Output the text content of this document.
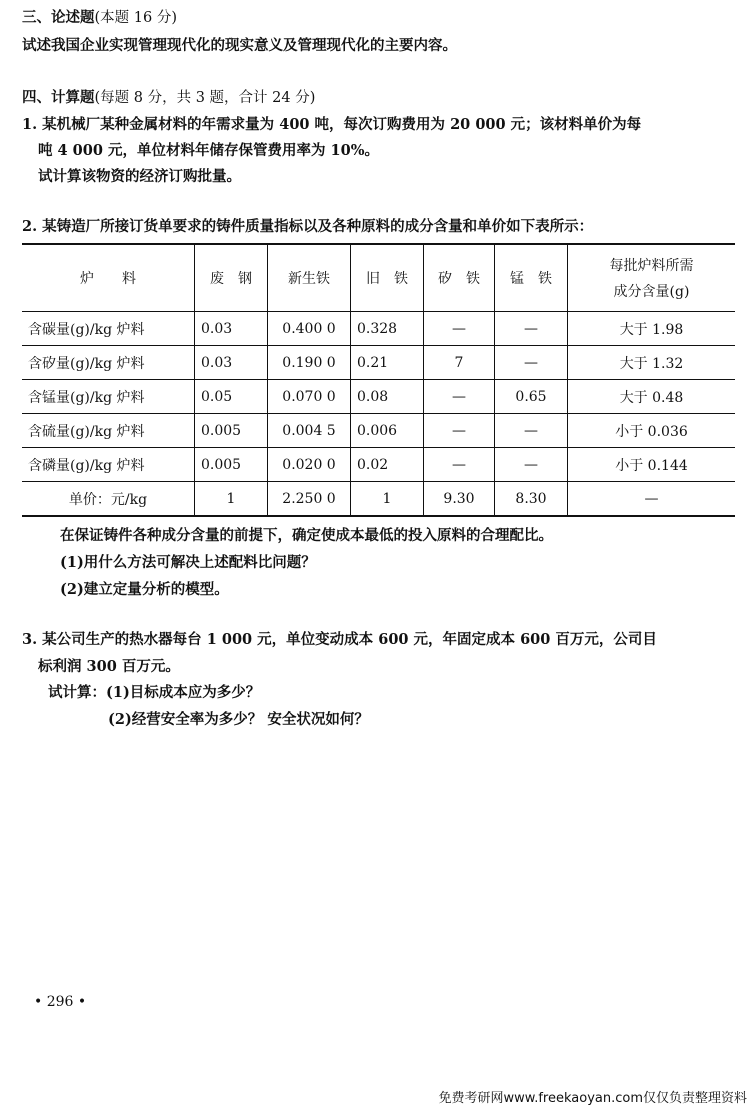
三、论述题(本题 16 分)
试述我国企业实现管理现代化的现实意义及管理现代化的主要内容。
四、计算题(每题 8 分，共 3 题，合计 24 分)
1. 某机械厂某种金属材料的年需求量为 400 吨，每次订购费用为 20 000 元；该材料单价为每
吨 4 000 元，单位材料年储存保管费用率为 10%。
试计算该物资的经济订购批量。
2. 某铸造厂所接订货单要求的铸件质量指标以及各种原料的成分含量和单价如下表所示：
炉　　料	废　钢	新生铁	旧　铁	矽　铁	锰　铁	每批炉料所需
成分含量(g)

含碳量(g)/kg 炉料	0.03	0.400 0	0.328	—	—	大于 1.98
含矽量(g)/kg 炉料	0.03	0.190 0	0.21	7	—	大于 1.32
含锰量(g)/kg 炉料	0.05	0.070 0	0.08	—	0.65	大于 0.48
含硫量(g)/kg 炉料	0.005	0.004 5	0.006	—	—	小于 0.036
含磷量(g)/kg 炉料	0.005	0.020 0	0.02	—	—	小于 0.144
单价：元/kg	1	2.250 0	1	9.30	8.30	—
在保证铸件各种成分含量的前提下，确定使成本最低的投入原料的合理配比。
(1)用什么方法可解决上述配料比问题？
(2)建立定量分析的模型。
3. 某公司生产的热水器每台 1 000 元，单位变动成本 600 元，年固定成本 600 百万元，公司目
标利润 300 百万元。
试计算：(1)目标成本应为多少？
(2)经营安全率为多少？ 安全状况如何？
• 296 •
免费考研网www.freekaoyan.com仅仅负责整理资料
